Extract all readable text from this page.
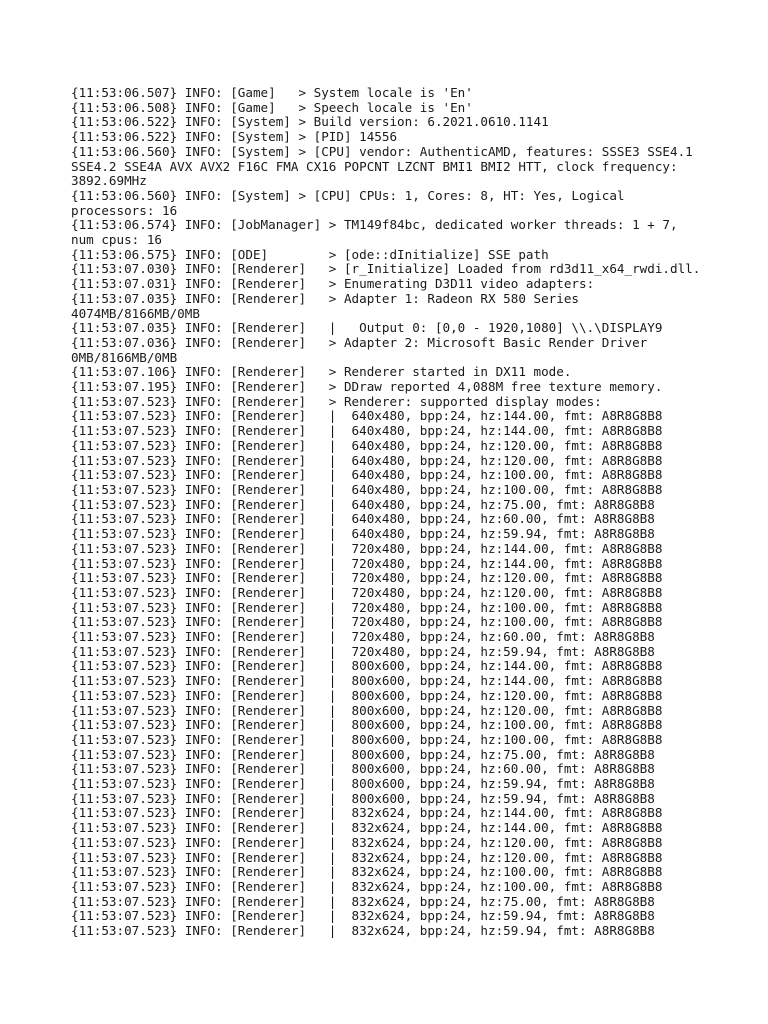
{11:53:06.507} INFO: [Game]   > System locale is 'En'
{11:53:06.508} INFO: [Game]   > Speech locale is 'En'
{11:53:06.522} INFO: [System] > Build version: 6.2021.0610.1141
{11:53:06.522} INFO: [System] > [PID] 14556
{11:53:06.560} INFO: [System] > [CPU] vendor: AuthenticAMD, features: SSSE3 SSE4.1
SSE4.2 SSE4A AVX AVX2 F16C FMA CX16 POPCNT LZCNT BMI1 BMI2 HTT, clock frequency:
3892.69MHz
{11:53:06.560} INFO: [System] > [CPU] CPUs: 1, Cores: 8, HT: Yes, Logical
processors: 16
{11:53:06.574} INFO: [JobManager] > TM149f84bc, dedicated worker threads: 1 + 7,
num cpus: 16
{11:53:06.575} INFO: [ODE]        > [ode::dInitialize] SSE path
{11:53:07.030} INFO: [Renderer]   > [r_Initialize] Loaded from rd3d11_x64_rwdi.dll.
{11:53:07.031} INFO: [Renderer]   > Enumerating D3D11 video adapters:
{11:53:07.035} INFO: [Renderer]   > Adapter 1: Radeon RX 580 Series
4074MB/8166MB/0MB
{11:53:07.035} INFO: [Renderer]   |   Output 0: [0,0 - 1920,1080] \\.\DISPLAY9
{11:53:07.036} INFO: [Renderer]   > Adapter 2: Microsoft Basic Render Driver
0MB/8166MB/0MB
{11:53:07.106} INFO: [Renderer]   > Renderer started in DX11 mode.
{11:53:07.195} INFO: [Renderer]   > DDraw reported 4,088M free texture memory.
{11:53:07.523} INFO: [Renderer]   > Renderer: supported display modes:
{11:53:07.523} INFO: [Renderer]   |  640x480, bpp:24, hz:144.00, fmt: A8R8G8B8
{11:53:07.523} INFO: [Renderer]   |  640x480, bpp:24, hz:144.00, fmt: A8R8G8B8
{11:53:07.523} INFO: [Renderer]   |  640x480, bpp:24, hz:120.00, fmt: A8R8G8B8
{11:53:07.523} INFO: [Renderer]   |  640x480, bpp:24, hz:120.00, fmt: A8R8G8B8
{11:53:07.523} INFO: [Renderer]   |  640x480, bpp:24, hz:100.00, fmt: A8R8G8B8
{11:53:07.523} INFO: [Renderer]   |  640x480, bpp:24, hz:100.00, fmt: A8R8G8B8
{11:53:07.523} INFO: [Renderer]   |  640x480, bpp:24, hz:75.00, fmt: A8R8G8B8
{11:53:07.523} INFO: [Renderer]   |  640x480, bpp:24, hz:60.00, fmt: A8R8G8B8
{11:53:07.523} INFO: [Renderer]   |  640x480, bpp:24, hz:59.94, fmt: A8R8G8B8
{11:53:07.523} INFO: [Renderer]   |  720x480, bpp:24, hz:144.00, fmt: A8R8G8B8
{11:53:07.523} INFO: [Renderer]   |  720x480, bpp:24, hz:144.00, fmt: A8R8G8B8
{11:53:07.523} INFO: [Renderer]   |  720x480, bpp:24, hz:120.00, fmt: A8R8G8B8
{11:53:07.523} INFO: [Renderer]   |  720x480, bpp:24, hz:120.00, fmt: A8R8G8B8
{11:53:07.523} INFO: [Renderer]   |  720x480, bpp:24, hz:100.00, fmt: A8R8G8B8
{11:53:07.523} INFO: [Renderer]   |  720x480, bpp:24, hz:100.00, fmt: A8R8G8B8
{11:53:07.523} INFO: [Renderer]   |  720x480, bpp:24, hz:60.00, fmt: A8R8G8B8
{11:53:07.523} INFO: [Renderer]   |  720x480, bpp:24, hz:59.94, fmt: A8R8G8B8
{11:53:07.523} INFO: [Renderer]   |  800x600, bpp:24, hz:144.00, fmt: A8R8G8B8
{11:53:07.523} INFO: [Renderer]   |  800x600, bpp:24, hz:144.00, fmt: A8R8G8B8
{11:53:07.523} INFO: [Renderer]   |  800x600, bpp:24, hz:120.00, fmt: A8R8G8B8
{11:53:07.523} INFO: [Renderer]   |  800x600, bpp:24, hz:120.00, fmt: A8R8G8B8
{11:53:07.523} INFO: [Renderer]   |  800x600, bpp:24, hz:100.00, fmt: A8R8G8B8
{11:53:07.523} INFO: [Renderer]   |  800x600, bpp:24, hz:100.00, fmt: A8R8G8B8
{11:53:07.523} INFO: [Renderer]   |  800x600, bpp:24, hz:75.00, fmt: A8R8G8B8
{11:53:07.523} INFO: [Renderer]   |  800x600, bpp:24, hz:60.00, fmt: A8R8G8B8
{11:53:07.523} INFO: [Renderer]   |  800x600, bpp:24, hz:59.94, fmt: A8R8G8B8
{11:53:07.523} INFO: [Renderer]   |  800x600, bpp:24, hz:59.94, fmt: A8R8G8B8
{11:53:07.523} INFO: [Renderer]   |  832x624, bpp:24, hz:144.00, fmt: A8R8G8B8
{11:53:07.523} INFO: [Renderer]   |  832x624, bpp:24, hz:144.00, fmt: A8R8G8B8
{11:53:07.523} INFO: [Renderer]   |  832x624, bpp:24, hz:120.00, fmt: A8R8G8B8
{11:53:07.523} INFO: [Renderer]   |  832x624, bpp:24, hz:120.00, fmt: A8R8G8B8
{11:53:07.523} INFO: [Renderer]   |  832x624, bpp:24, hz:100.00, fmt: A8R8G8B8
{11:53:07.523} INFO: [Renderer]   |  832x624, bpp:24, hz:100.00, fmt: A8R8G8B8
{11:53:07.523} INFO: [Renderer]   |  832x624, bpp:24, hz:75.00, fmt: A8R8G8B8
{11:53:07.523} INFO: [Renderer]   |  832x624, bpp:24, hz:59.94, fmt: A8R8G8B8
{11:53:07.523} INFO: [Renderer]   |  832x624, bpp:24, hz:59.94, fmt: A8R8G8B8
